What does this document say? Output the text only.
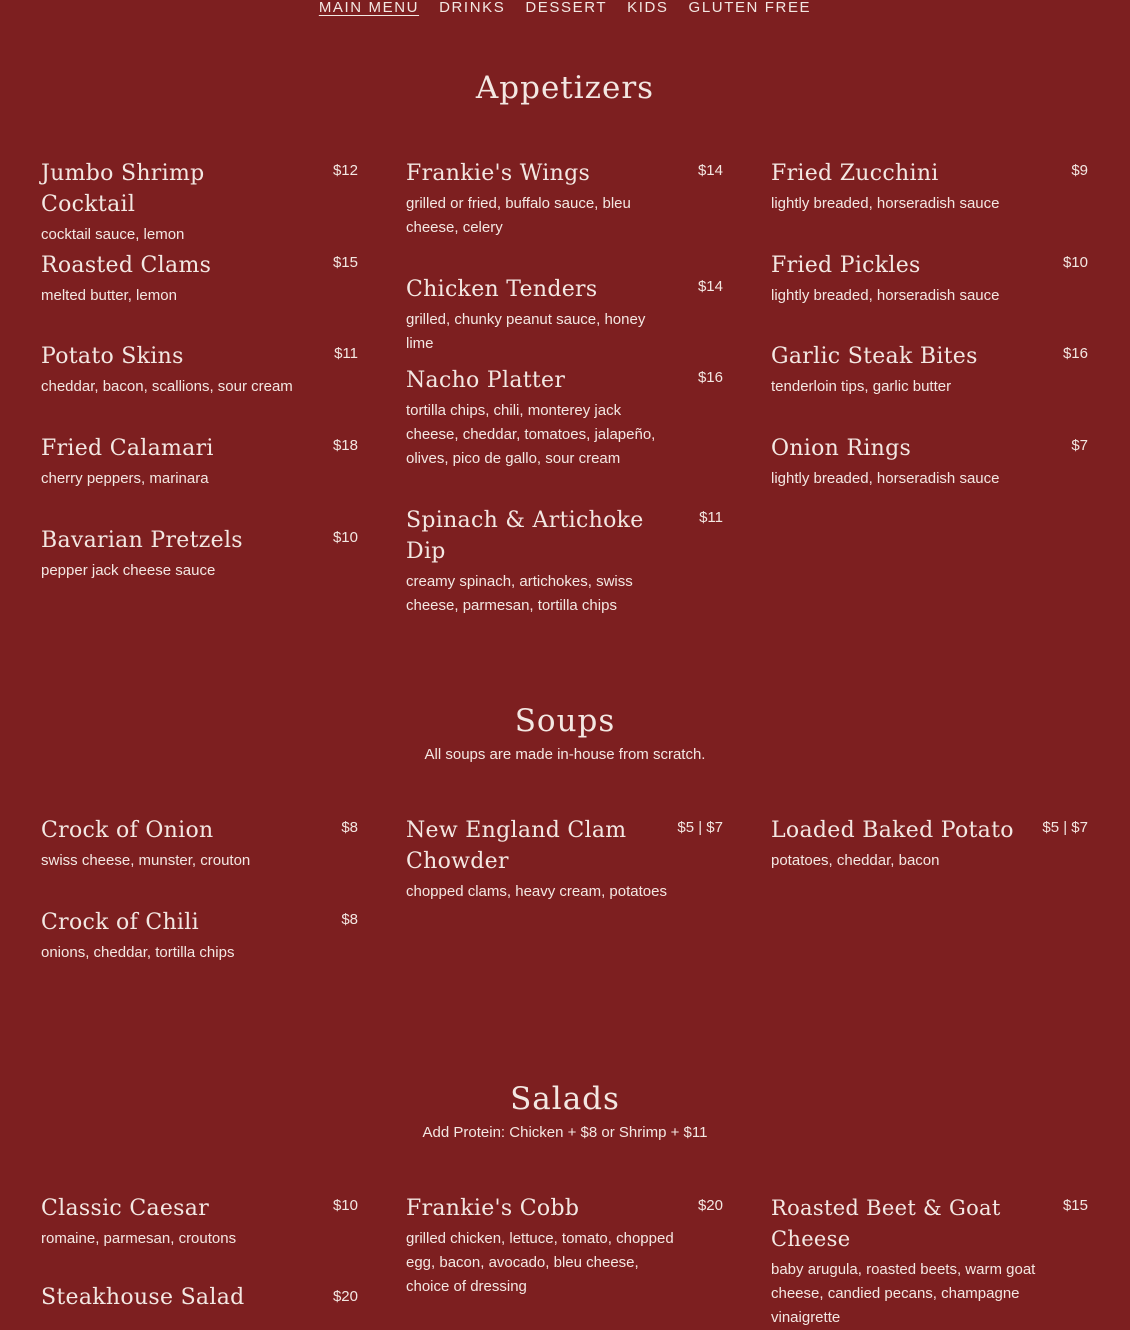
MAIN MENU DRINKS DESSERT KIDS GLUTEN FREE
Appetizers
Jumbo Shrimp Cocktail
$12
cocktail sauce, lemon
Roasted Clams	$15
melted butter, lemon
Potato Skins	$11
cheddar, bacon, scallions, sour cream
Fried Calamari	$18
cherry peppers, marinara
Bavarian Pretzels	$10
pepper jack cheese sauce
Frankie's Wings	$14
grilled or fried, buffalo sauce, bleu cheese, celery
Chicken Tenders	$14
grilled, chunky peanut sauce, honey lime
Nacho Platter	$16
tortilla chips, chili, monterey jack cheese, cheddar, tomatoes, jalapeño, olives, pico de gallo, sour cream
Spinach & Artichoke Dip
$11
creamy spinach, artichokes, swiss cheese, parmesan, tortilla chips
Fried Zucchini	$9
lightly breaded, horseradish sauce
Fried Pickles	$10
lightly breaded, horseradish sauce
Garlic Steak Bites	$16
tenderloin tips, garlic butter
Onion Rings	$7
lightly breaded, horseradish sauce
Soups
All soups are made in-house from scratch.
Crock of Onion	$8
swiss cheese, munster, crouton
Crock of Chili	$8
onions, cheddar, tortilla chips
New England Clam Chowder
$5 | $7
chopped clams, heavy cream, potatoes
Loaded Baked Potato	$5 | $7
potatoes, cheddar, bacon
Salads
Add Protein: Chicken + $8 or Shrimp + $11
Classic Caesar	$10
romaine, parmesan, croutons
Steakhouse Salad	$20
Frankie's Cobb	$20
grilled chicken, lettuce, tomato, chopped egg, bacon, avocado, bleu cheese, choice of dressing
Roasted Beet & Goat Cheese
$15
baby arugula, roasted beets, warm goat cheese, candied pecans, champagne vinaigrette
